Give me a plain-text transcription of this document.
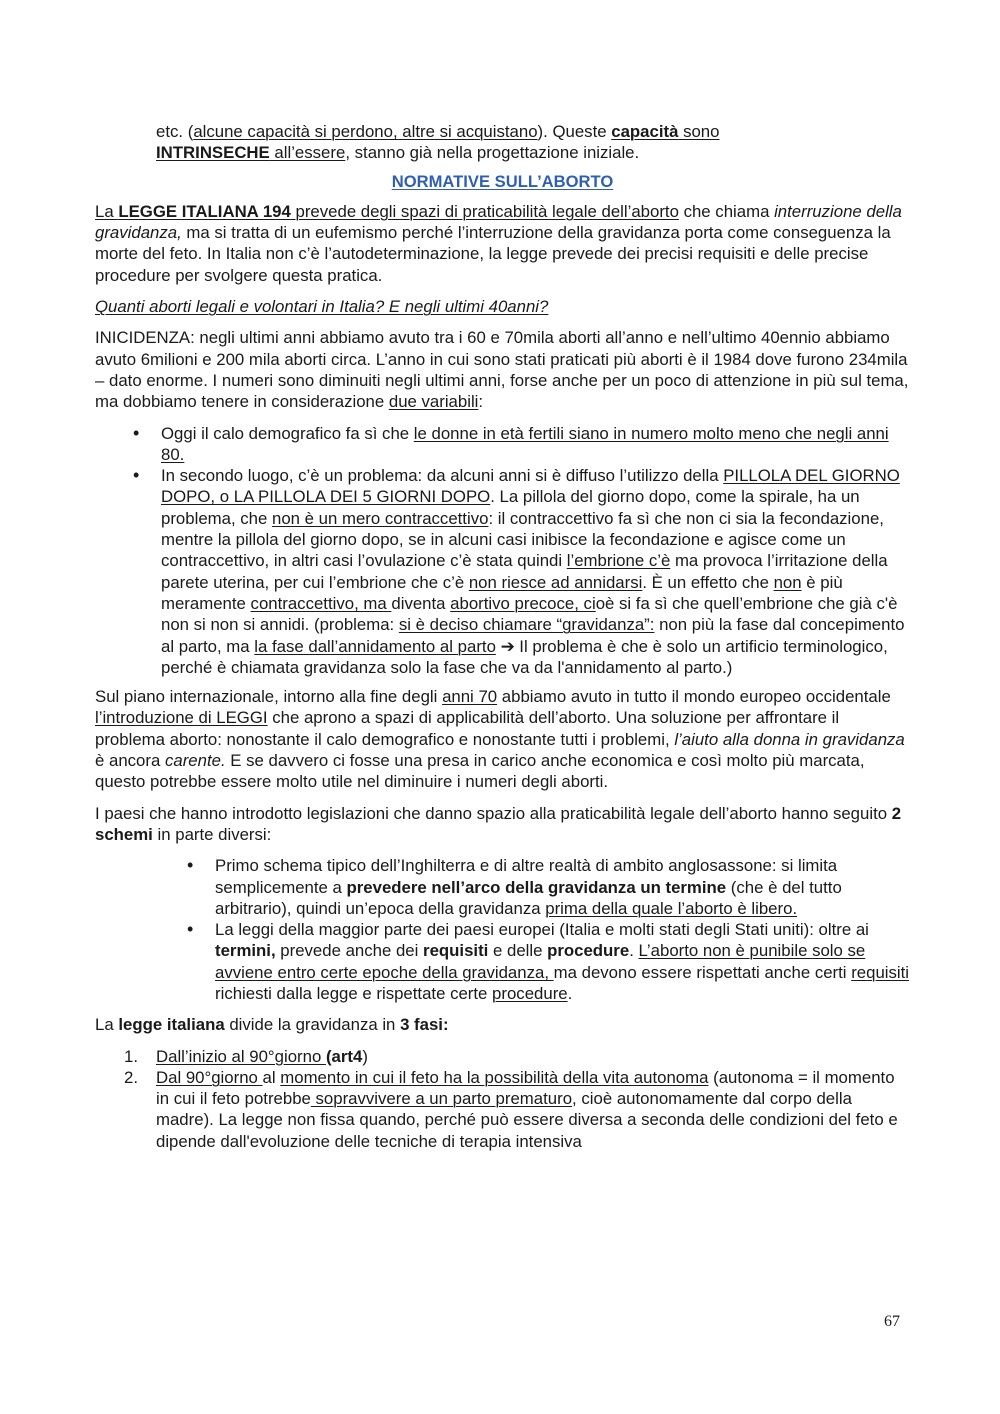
etc. (alcune capacità si perdono, altre si acquistano). Queste capacità sono
INTRINSECHE all’essere, stanno già nella progettazione iniziale.

NORMATIVE SULL’ABORTO

La LEGGE ITALIANA 194 prevede degli spazi di praticabilità legale dell’aborto che chiama interruzione della gravidanza, ma si tratta di un eufemismo perché l’interruzione della gravidanza porta come conseguenza la morte del feto. In Italia non c’è l’autodeterminazione, la legge prevede dei precisi requisiti e delle precise procedure per svolgere questa pratica.

Quanti aborti legali e volontari in Italia? E negli ultimi 40anni?

INICIDENZA: negli ultimi anni abbiamo avuto tra i 60 e 70mila aborti all’anno e nell’ultimo 40ennio abbiamo avuto 6milioni e 200 mila aborti circa. L’anno in cui sono stati praticati più aborti è il 1984 dove furono 234mila – dato enorme. I numeri sono diminuiti negli ultimi anni, forse anche per un poco di attenzione in più sul tema, ma dobbiamo tenere in considerazione due variabili:

• Oggi il calo demografico fa sì che le donne in età fertili siano in numero molto meno che negli anni 80.
• In secondo luogo, c’è un problema: da alcuni anni si è diffuso l’utilizzo della PILLOLA DEL GIORNO DOPO, o LA PILLOLA DEI 5 GIORNI DOPO. La pillola del giorno dopo, come la spirale, ha un problema, che non è un mero contraccettivo: il contraccettivo fa sì che non ci sia la fecondazione, mentre la pillola del giorno dopo, se in alcuni casi inibisce la fecondazione e agisce come un contraccettivo, in altri casi l’ovulazione c’è stata quindi l’embrione c’è ma provoca l’irritazione della parete uterina, per cui l’embrione che c’è non riesce ad annidarsi. È un effetto che non è più meramente contraccettivo, ma diventa abortivo precoce, cioè si fa sì che quell’embrione che già c'è non si non si annidi. (problema: si è deciso chiamare “gravidanza”: non più la fase dal concepimento al parto, ma la fase dall’annidamento al parto ➔ Il problema è che è solo un artificio terminologico, perché è chiamata gravidanza solo la fase che va da l'annidamento al parto.)

Sul piano internazionale, intorno alla fine degli anni 70 abbiamo avuto in tutto il mondo europeo occidentale l’introduzione di LEGGI che aprono a spazi di applicabilità dell’aborto. Una soluzione per affrontare il problema aborto: nonostante il calo demografico e nonostante tutti i problemi, l’aiuto alla donna in gravidanza è ancora carente. E se davvero ci fosse una presa in carico anche economica e così molto più marcata, questo potrebbe essere molto utile nel diminuire i numeri degli aborti.

I paesi che hanno introdotto legislazioni che danno spazio alla praticabilità legale dell’aborto hanno seguito 2 schemi in parte diversi:

• Primo schema tipico dell’Inghilterra e di altre realtà di ambito anglosassone: si limita semplicemente a prevedere nell’arco della gravidanza un termine (che è del tutto arbitrario), quindi un’epoca della gravidanza prima della quale l’aborto è libero.
• La leggi della maggior parte dei paesi europei (Italia e molti stati degli Stati uniti): oltre ai termini, prevede anche dei requisiti e delle procedure. L’aborto non è punibile solo se avviene entro certe epoche della gravidanza, ma devono essere rispettati anche certi requisiti richiesti dalla legge e rispettate certe procedure.

La legge italiana divide la gravidanza in 3 fasi:

1. Dall’inizio al 90°giorno (art4)
2. Dal 90°giorno al momento in cui il feto ha la possibilità della vita autonoma (autonoma = il momento in cui il feto potrebbe sopravvivere a un parto prematuro, cioè autonomamente dal corpo della madre). La legge non fissa quando, perché può essere diversa a seconda delle condizioni del feto e dipende dall'evoluzione delle tecniche di terapia intensiva
67
